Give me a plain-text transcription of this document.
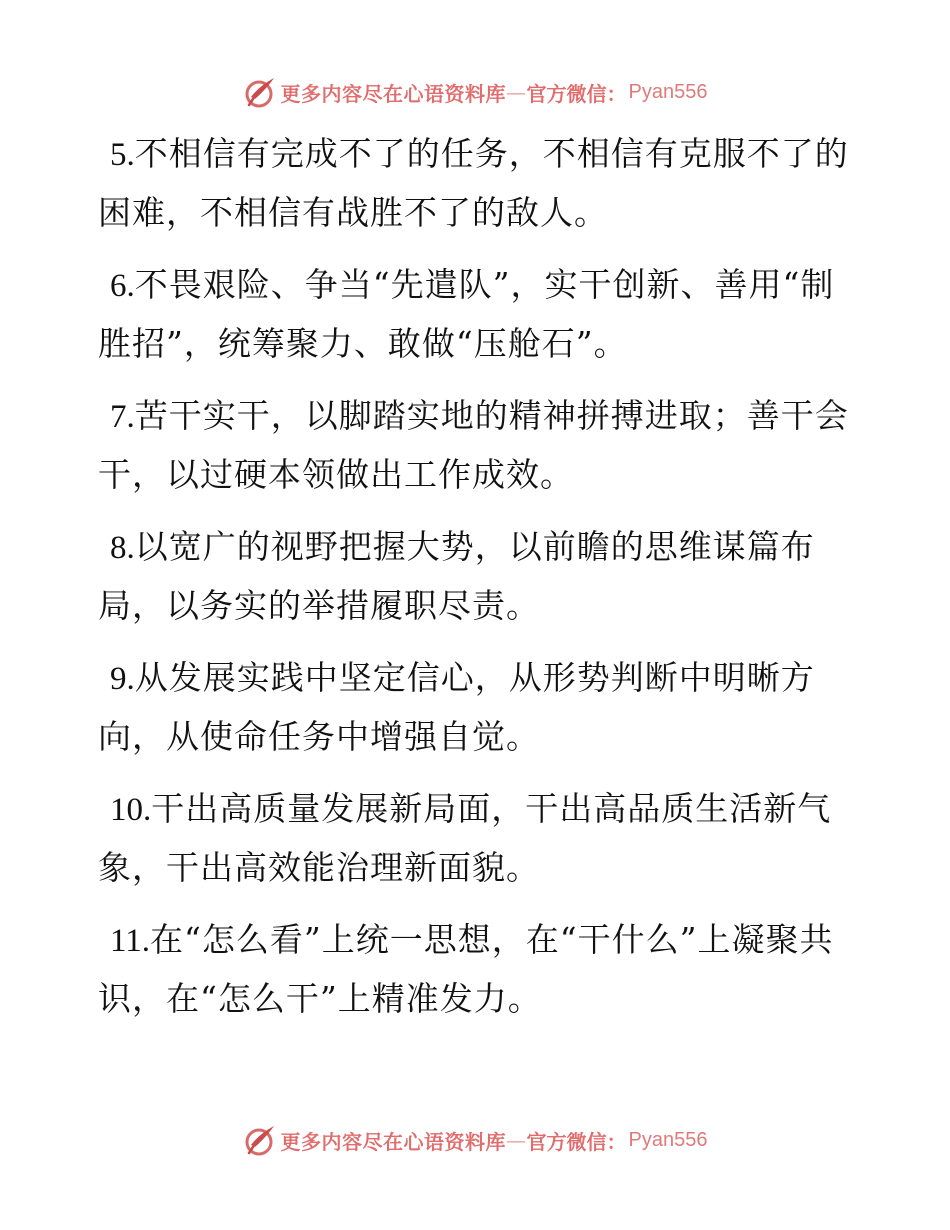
更多内容尽在心语资料库 — 官方微信： Pyan556

5.不相信有完成不了的任务，不相信有克服不了的困难，不相信有战胜不了的敌人。

6.不畏艰险、争当“先遣队”，实干创新、善用“制胜招”，统筹聚力、敢做“压舱石”。

7.苦干实干，以脚踏实地的精神拼搏进取；善干会干，以过硬本领做出工作成效。

8.以宽广的视野把握大势，以前瞻的思维谋篇布局，以务实的举措履职尽责。

9.从发展实践中坚定信心，从形势判断中明晰方向，从使命任务中增强自觉。

10.干出高质量发展新局面，干出高品质生活新气象，干出高效能治理新面貌。

11.在“怎么看”上统一思想，在“干什么”上凝聚共识，在“怎么干”上精准发力。

更多内容尽在心语资料库 — 官方微信： Pyan556
